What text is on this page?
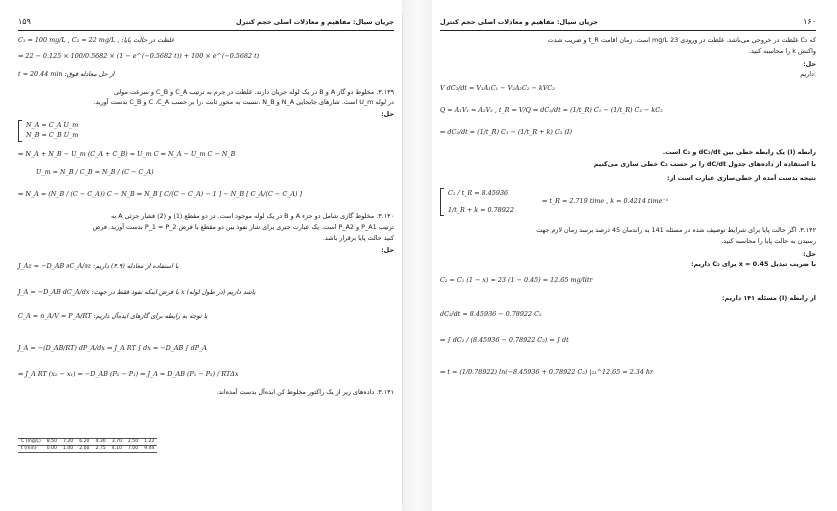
۱۵۹	جریان سیال: مفاهیم و معادلات اصلی حجم کنترل
C₁ = 100 mg/L , C₂ = 22 mg/L , :غلظت در حالت پایا
⇒ 22 − 0.125 × 100/0.5682 × (1 − e^(−0.5682 t)) + 100 × e^(−0.5682 t)
t = 20.44 min :از حل معادله فوق
۳.۱۳۹. مخلوط دو گاز A و B در یک لوله جریان دارند. غلظت در جرم به ترتیب C_A و C_B و سرعت مولی
در لوله U_m است. شارهای جابجایی N_A و N_B ،نسبت به محور ثابت ،را بر حسب C ،C_A و C_B بدست آورید.
حل:
N_A = C_A U_m
N_B = C_B U_m
⇒ N_A + N_B − U_m (C_A + C_B) = U_m C ⇒ N_A − U_m C − N_B
U_m = N_B / C_B = N_B / (C − C_A)
⇒ N_A = (N_B / (C − C_A)) C − N_B ⇒ N_B [ C/(C − C_A) − 1 ] − N_B [ C_A/(C − C_A) ]
۳.۱۴۰. مخلوط گازی شامل دو جزء A و B در یک لوله موجود است. در دو مقطع (1) و (2) فشار جزئی A به
ترتیب P_A1 و P_A2 است. یک عبارت جبری برای شار نفوذ بین دو مقطع با فرض P_1 = P_2 بدست آورید. فرض
کنید حالت پایا برقرار باشد.
حل:
J_Az = −D_AB ∂C_A/∂z :با استفاده از معادله (۴.۹) داریم
J_A = −D_AB dC_A/dx :با فرض اینکه نفوذ فقط در جهت x (در طول لوله) باشد داریم
C_A = n_A/V = P_A/RT :با توجه به رابطه برای گازهای ایده‌آل داریم
J_A = −(D_AB/RT) dP_A/dx ⇒ J_A RT ∫ dx = −D_AB ∫ dP_A
⇒ J_A RT (x₂ − x₁) = −D_AB (P₂ − P₁) ⇒ J_A = D_AB (P₁ − P₂) / RTΔx
۳.۱۴۱. داده‌های زیر از یک راکتور مخلوط کن ایده‌آل بدست آمده‌اند.
C (mg/L)	8.50	7.20	6.20	4.30	3.70	2.50	1.22
t (min)	0.00	1.00	2.00	2.75	4.10	7.00	9.44
جریان سیال: مفاهیم و معادلات اصلی حجم کنترل	۱۶۰
که C₂ غلظت در خروجی می‌باشد. غلظت در ورودی 23 mg/L است. زمان اقامت t_R و ضریب شدت
واکنش k را محاسبه کنید.
حل:
:داریم
V dC₂/dt = V₁A₁C₁ − V₂A₂C₂ − kVC₂
Q = A₁V₁ = A₂V₂ , t_R = V/Q ⇒ dC₂/dt = (1/t_R) C₁ − (1/t_R) C₂ − kC₂
⇒ dC₂/dt = (1/t_R) C₁ − (1/t_R + k) C₂ (I)
رابطه (I) یک رابطه خطی بین dC₂/dt و C₂ است.
با استفاده از داده‌های جدول dC/dt را بر حسب C₂ خطی سازی می‌کنیم
نتیجه بدست آمده از خطی‌سازی عبارت است از:
C₁ / t_R = 8.45936
⇒ t_R = 2.719 time , k = 0.4214 time⁻¹
1/t_R + k = 0.78922
۳.۱۴۲. اگر حالت پایا برای شرایط توصیف شده در مسئله 141 به راندمان 45 درصد برسد زمان لازم جهت
رسیدن به حالت پایا را محاسبه کنید.
حل:
با ضریب تبدیل x = 0.45 برای C₂ داریم:
C₂ = C₁ (1 − x) = 23 (1 − 0.45) = 12.65 mg/litr
از رابطه (I) مسئله ۱۴۱ داریم:
dC₂/dt = 8.45936 − 0.78922 C₂
⇒ ∫ dC₂ / (8.45936 − 0.78922 C₂) = ∫ dt
⇒ t = (1/0.78922) ln(−8.45936 + 0.78922 C₂) |₂₃^12.65 = 2.34 hr
